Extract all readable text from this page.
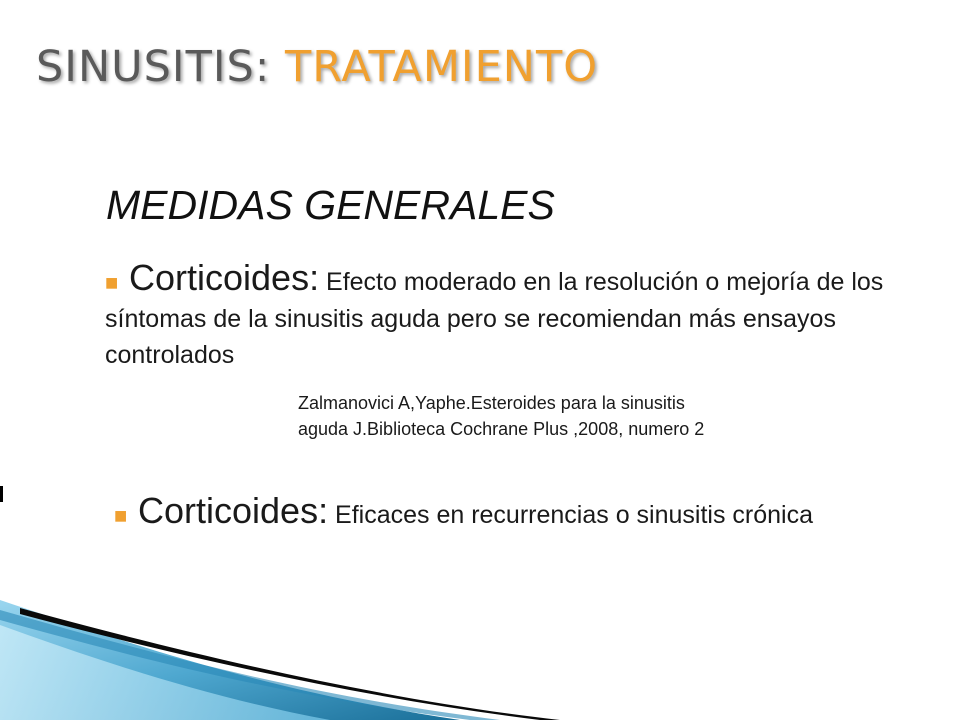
SINUSITIS: TRATAMIENTO
MEDIDAS GENERALES

■ Corticoides: Efecto moderado en la resolución o mejoría de los síntomas de la sinusitis aguda pero se recomiendan más ensayos controlados

Zalmanovici A,Yaphe.Esteroides para la sinusitis
aguda J.Biblioteca Cochrane Plus ,2008, numero 2

■ Corticoides: Eficaces en recurrencias o sinusitis crónica
